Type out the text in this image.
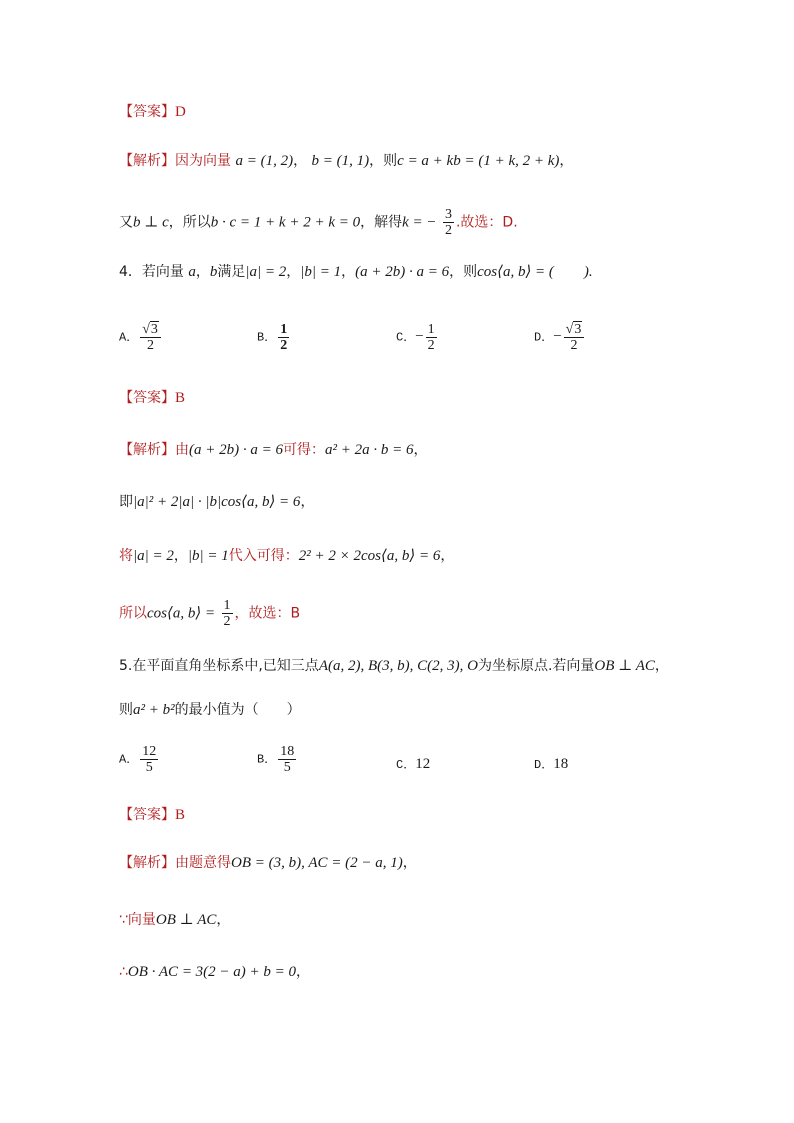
【答案】D
【解析】因为向量 a = (1, 2)， b = (1, 1)，则c = a + kb = (1 + k, 2 + k)，
又b ⊥ c，所以b · c = 1 + k + 2 + k = 0，解得k = − $\frac{3}{2}$ .故选：D.
4．若向量 a，b满足|a| = 2，|b| = 1，(a + 2b) · a = 6，则cos⟨a, b⟩ = (　　).
A． $\frac{√3}{2}$	B． $\frac{1}{2}$	C．− $\frac{1}{2}$	D．− $\frac{√3}{2}$
【答案】B
【解析】由(a + 2b) · a = 6可得：a² + 2a · b = 6，
即|a|² + 2|a| · |b|cos⟨a, b⟩ = 6，
将|a| = 2，|b| = 1代入可得：2² + 2 × 2cos⟨a, b⟩ = 6，
所以cos⟨a, b⟩ = $\frac{1}{2}$ ，故选：B
5.在平面直角坐标系中,已知三点A(a, 2), B(3, b), C(2, 3), O为坐标原点.若向量OB ⊥ AC，
则a² + b²的最小值为（　　）
A． $\frac{12}{5}$	B． $\frac{18}{5}$	C．12	D．18
【答案】B
【解析】由题意得OB = (3, b), AC = (2 − a, 1)，
∵向量OB ⊥ AC，
∴OB · AC = 3(2 − a) + b = 0，
